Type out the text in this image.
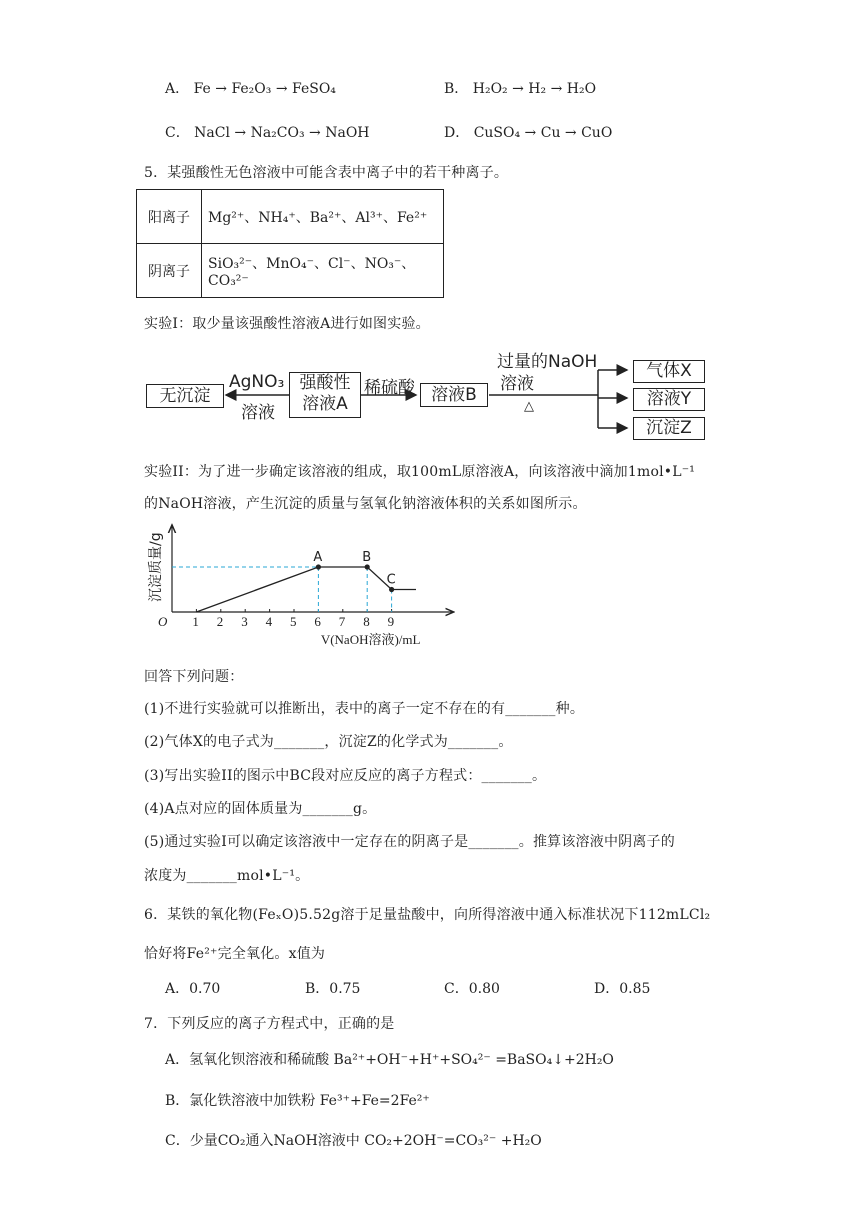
A． Fe → Fe₂O₃ → FeSO₄	B． H₂O₂ → H₂ → H₂O
C． NaCl → Na₂CO₃ → NaOH	D． CuSO₄ → Cu → CuO
5．某强酸性无色溶液中可能含表中离子中的若干种离子。
阳离子	Mg²⁺、NH₄⁺、Ba²⁺、Al³⁺、Fe²⁺
阴离子	SiO₃²⁻、MnO₄⁻、Cl⁻、NO₃⁻、CO₃²⁻
实验I：取少量该强酸性溶液A进行如图实验。
无沉淀
AgNO₃
溶液
强酸性
溶液A
稀硫酸 溶液B
过量的NaOH
溶液
△
气体X
溶液Y
沉淀Z
实验II：为了进一步确定该溶液的组成，取100mL原溶液A，向该溶液中滴加1mol•L⁻¹
的NaOH溶液，产生沉淀的质量与氢氧化钠溶液体积的关系如图所示。
O 1 2 3 4 5 6 7 8 9
沉淀质量/g
V(NaOH溶液)/mL
A	B
C
回答下列问题：
(1)不进行实验就可以推断出，表中的离子一定不存在的有_______种。
(2)气体X的电子式为_______，沉淀Z的化学式为_______。
(3)写出实验II的图示中BC段对应反应的离子方程式：_______。
(4)A点对应的固体质量为_______g。
(5)通过实验I可以确定该溶液中一定存在的阴离子是_______。推算该溶液中阴离子的
浓度为_______mol•L⁻¹。
6．某铁的氧化物(FeₓO)5.52g溶于足量盐酸中，向所得溶液中通入标准状况下112mLCl₂
恰好将Fe²⁺完全氧化。x值为
A．0.70	B．0.75	C．0.80	D．0.85
7．下列反应的离子方程式中，正确的是
A．氢氧化钡溶液和稀硫酸 Ba²⁺+OH⁻+H⁺+SO₄²⁻ =BaSO₄↓+2H₂O
B．氯化铁溶液中加铁粉 Fe³⁺+Fe=2Fe²⁺
C．少量CO₂通入NaOH溶液中 CO₂+2OH⁻=CO₃²⁻ +H₂O
